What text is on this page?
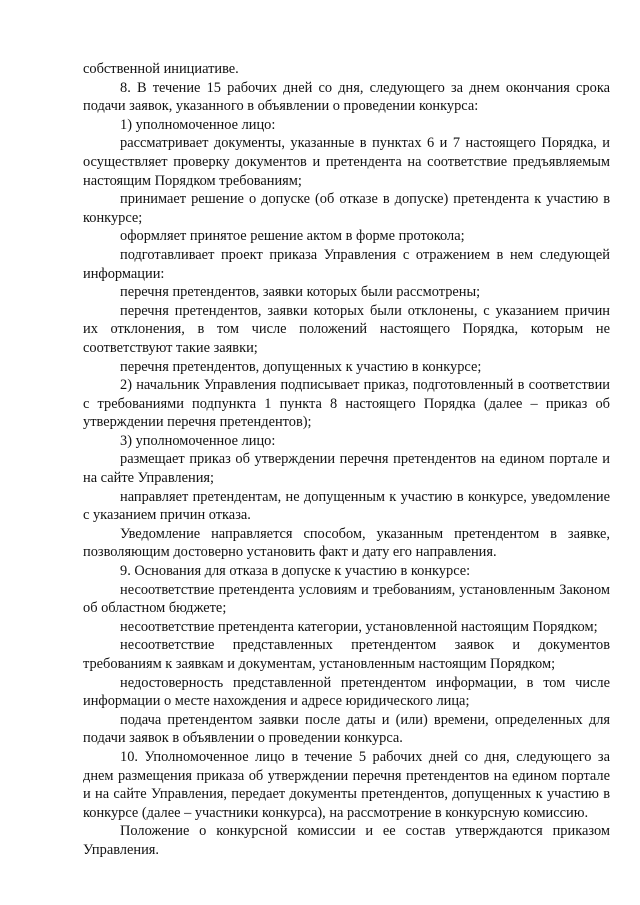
собственной инициативе.

8. В течение 15 рабочих дней со дня, следующего за днем окончания срока подачи заявок, указанного в объявлении о проведении конкурса:

1) уполномоченное лицо:

рассматривает документы, указанные в пунктах 6 и 7 настоящего Порядка, и осуществляет проверку документов и претендента на соответствие предъявляемым настоящим Порядком требованиям;

принимает решение о допуске (об отказе в допуске) претендента к участию в конкурсе;

оформляет принятое решение актом в форме протокола;

подготавливает проект приказа Управления с отражением в нем следующей информации:

перечня претендентов, заявки которых были рассмотрены;

перечня претендентов, заявки которых были отклонены, с указанием причин их отклонения, в том числе положений настоящего Порядка, которым не соответствуют такие заявки;

перечня претендентов, допущенных к участию в конкурсе;

2) начальник Управления подписывает приказ, подготовленный в соответствии с требованиями подпункта 1 пункта 8 настоящего Порядка (далее – приказ об утверждении перечня претендентов);

3) уполномоченное лицо:

размещает приказ об утверждении перечня претендентов на едином портале и на сайте Управления;

направляет претендентам, не допущенным к участию в конкурсе, уведомление с указанием причин отказа.

Уведомление направляется способом, указанным претендентом в заявке, позволяющим достоверно установить факт и дату его направления.

9. Основания для отказа в допуске к участию в конкурсе:

несоответствие претендента условиям и требованиям, установленным Законом об областном бюджете;

несоответствие претендента категории, установленной настоящим Порядком;

несоответствие представленных претендентом заявок и документов требованиям к заявкам и документам, установленным настоящим Порядком;

недостоверность представленной претендентом информации, в том числе информации о месте нахождения и адресе юридического лица;

подача претендентом заявки после даты и (или) времени, определенных для подачи заявок в объявлении о проведении конкурса.

10. Уполномоченное лицо в течение 5 рабочих дней со дня, следующего за днем размещения приказа об утверждении перечня претендентов на едином портале и на сайте Управления, передает документы претендентов, допущенных к участию в конкурсе (далее – участники конкурса), на рассмотрение в конкурсную комиссию.

Положение о конкурсной комиссии и ее состав утверждаются приказом Управления.
